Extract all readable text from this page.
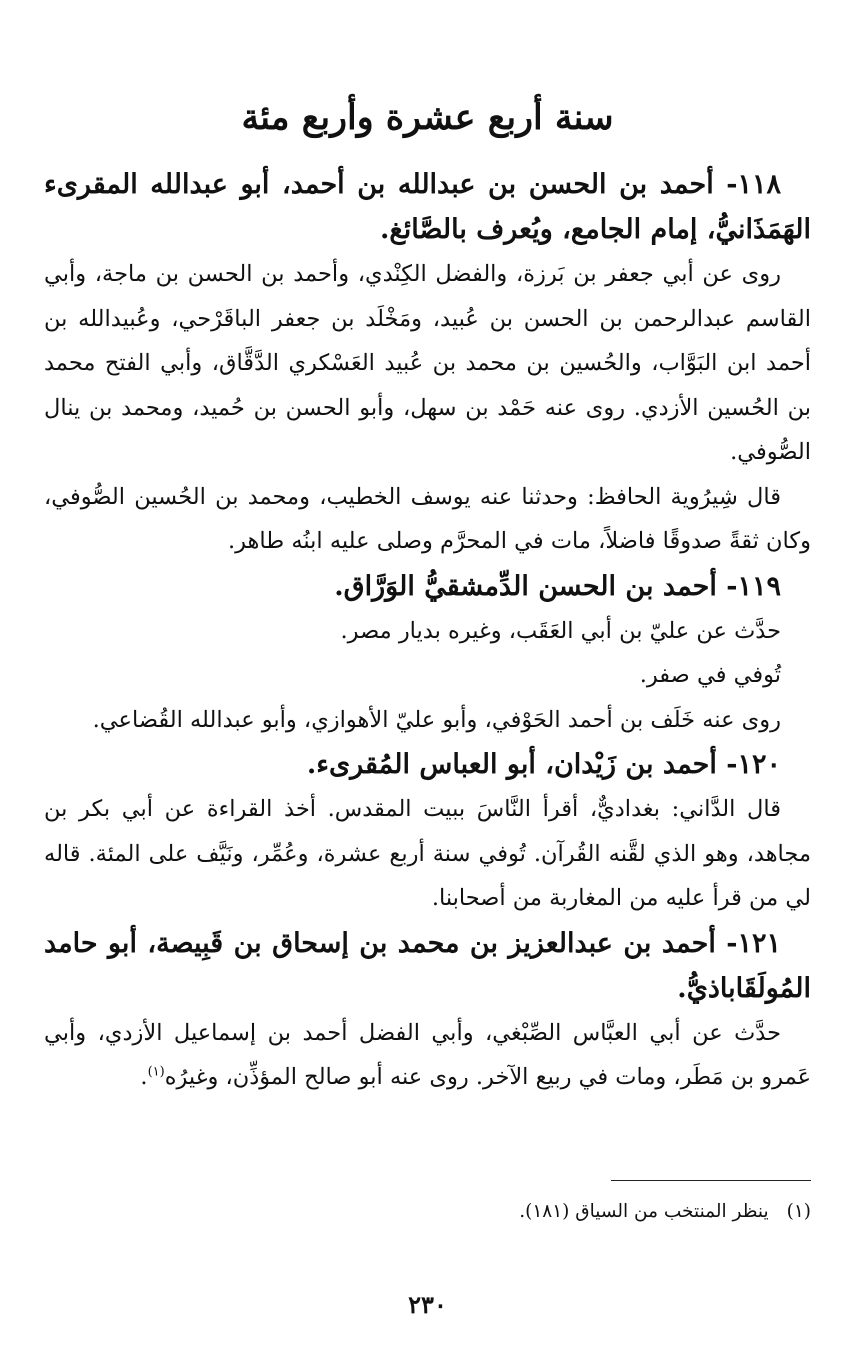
سنة أربع عشرة وأربع مئة

١١٨- أحمد بن الحسن بن عبدالله بن أحمد، أبو عبدالله المقرىء الهَمَذَانيُّ، إمام الجامع، ويُعرف بالصَّائغ.

روى عن أبي جعفر بن بَرزة، والفضل الكِنْدي، وأحمد بن الحسن بن ماجة، وأبي القاسم عبدالرحمن بن الحسن بن عُبيد، ومَخْلَد بن جعفر الباقَرْحي، وعُبيدالله بن أحمد ابن البَوَّاب، والحُسين بن محمد بن عُبيد العَسْكري الدَّقَّاق، وأبي الفتح محمد بن الحُسين الأزدي. روى عنه حَمْد بن سهل، وأبو الحسن بن حُميد، ومحمد بن ينال الصُّوفي.

قال شِيرُوية الحافظ: وحدثنا عنه يوسف الخطيب، ومحمد بن الحُسين الصُّوفي، وكان ثقةً صدوقًا فاضلاً، مات في المحرَّم وصلى عليه ابنُه طاهر.

١١٩- أحمد بن الحسن الدِّمشقيُّ الوَرَّاق.

حدَّث عن عليّ بن أبي العَقَب، وغيره بديار مصر.

تُوفي في صفر.

روى عنه خَلَف بن أحمد الحَوْفي، وأبو عليّ الأهوازي، وأبو عبدالله القُضاعي.

١٢٠- أحمد بن زَيْدان، أبو العباس المُقرىء.

قال الدَّاني: بغداديٌّ، أقرأ النَّاسَ ببيت المقدس. أخذ القراءة عن أبي بكر بن مجاهد، وهو الذي لقَّنه القُرآن. تُوفي سنة أربع عشرة، وعُمِّر، ونَيَّف على المئة. قاله لي من قرأ عليه من المغاربة من أصحابنا.

١٢١- أحمد بن عبدالعزيز بن محمد بن إسحاق بن قَبِيصة، أبو حامد المُولَقَاباذيُّ.

حدَّث عن أبي العبَّاس الصِّبْغي، وأبي الفضل أحمد بن إسماعيل الأزدي، وأبي عَمرو بن مَطَر، ومات في ربيع الآخر. روى عنه أبو صالح المؤذِّن، وغيرُه$^{(١)}$.

(١)ينظر المنتخب من السياق (١٨١).
٢٣٠
